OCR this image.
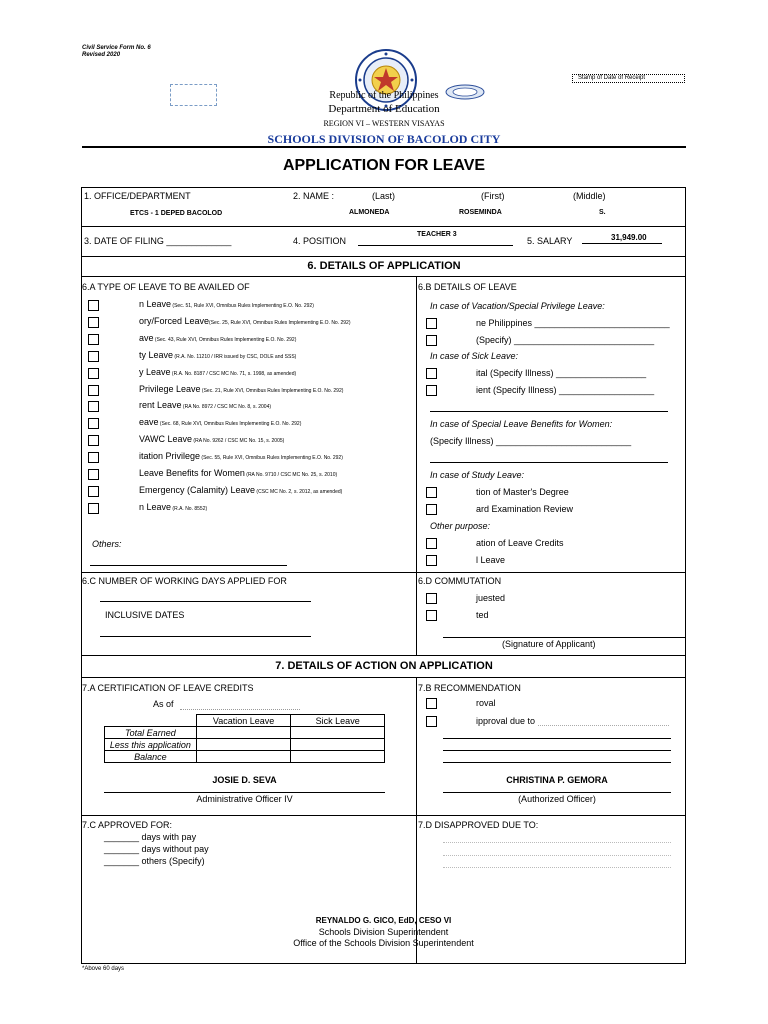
Civil Service Form No. 6
Revised 2020
Stamp of Date of Receipt
Republic of the Philippines
Department of Education
REGION VI – WESTERN VISAYAS
SCHOOLS DIVISION OF BACOLOD CITY
APPLICATION FOR LEAVE
1. OFFICE/DEPARTMENT
ETCS - 1 DEPED BACOLOD
2. NAME :	(Last)	(First)	(Middle)
ALMONEDA	ROSEMINDA	S.
3. DATE OF FILING _____________	4. POSITION
TEACHER 3
5. SALARY	31,949.00
6. DETAILS OF APPLICATION
6.A TYPE OF LEAVE TO BE AVAILED OF
n Leave (Sec. 51, Rule XVI, Omnibus Rules Implementing E.O. No. 292)
ory/Forced Leave(Sec. 25, Rule XVI, Omnibus Rules Implementing E.O. No. 292)
ave (Sec. 43, Rule XVI, Omnibus Rules Implementing E.O. No. 292)
ty Leave (R.A. No. 11210 / IRR issued by CSC, DOLE and SSS)
y Leave (R.A. No. 8187 / CSC MC No. 71, s. 1998, as amended)
Privilege Leave (Sec. 21, Rule XVI, Omnibus Rules Implementing E.O. No. 292)
rent Leave (RA No. 8972 / CSC MC No. 8, s. 2004)
eave (Sec. 68, Rule XVI, Omnibus Rules Implementing E.O. No. 292)
VAWC Leave (RA No. 9262 / CSC MC No. 15, s. 2005)
itation Privilege (Sec. 55, Rule XVI, Omnibus Rules Implementing E.O. No. 292)
Leave Benefits for Women (RA No. 9710 / CSC MC No. 25, s. 2010)
Emergency (Calamity) Leave (CSC MC No. 2, s. 2012, as amended)
n Leave (R.A. No. 8552)
Others:
6.B DETAILS OF LEAVE
In case of Vacation/Special Privilege Leave:
ne Philippines ___________________________
(Specify) ____________________________
In case of Sick Leave:
ital (Specify Illness) __________________
ient (Specify Illness) ___________________
In case of Special Leave Benefits for Women:
(Specify Illness) ___________________________
In case of Study Leave:
tion of Master's Degree
ard Examination Review
Other purpose:
ation of Leave Credits
l Leave
6.C NUMBER OF WORKING DAYS APPLIED FOR
INCLUSIVE DATES
6.D COMMUTATION
juested
ted
(Signature of Applicant)
7. DETAILS OF ACTION ON APPLICATION
7.A CERTIFICATION OF LEAVE CREDITS
As of
	Vacation Leave	Sick Leave
Total Earned		
Less this application		
Balance		
JOSIE D. SEVA
Administrative Officer IV
7.B RECOMMENDATION
roval
ipproval due to
CHRISTINA P. GEMORA
(Authorized Officer)
7.C APPROVED FOR:
_______ days with pay
_______ days without pay
_______ others (Specify)
7.D DISAPPROVED DUE TO:
REYNALDO G. GICO, EdD, CESO VI
Schools Division Superintendent
Office of the Schools Division Superintendent
*Above 60 days
